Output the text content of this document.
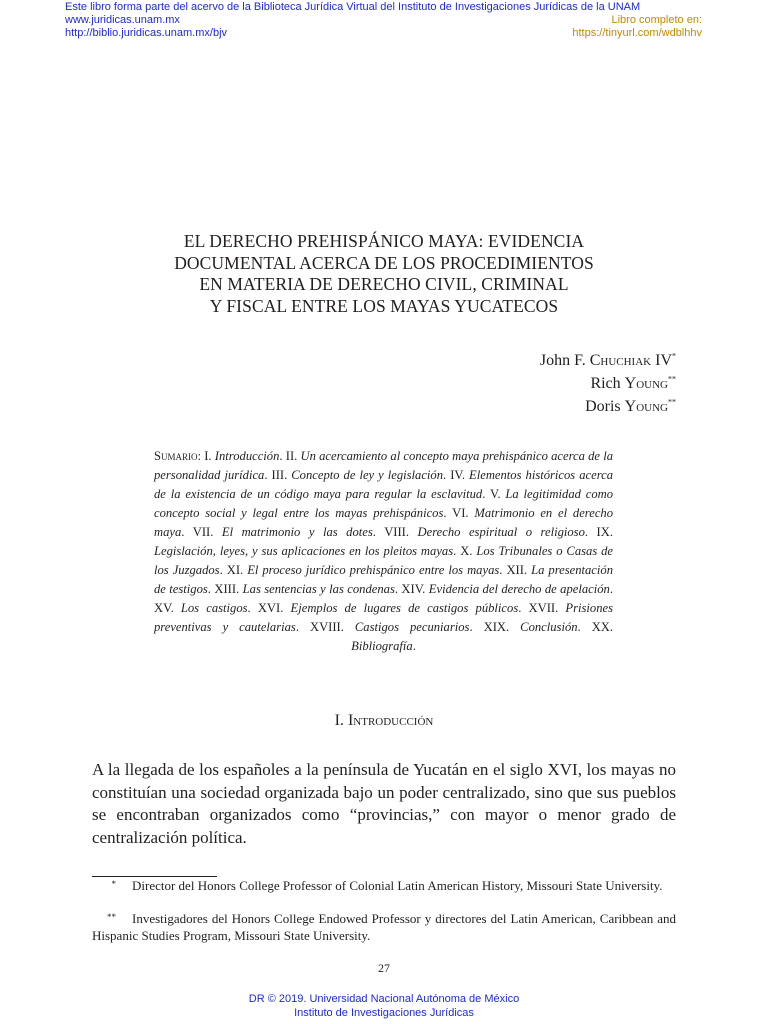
Este libro forma parte del acervo de la Biblioteca Jurídica Virtual del Instituto de Investigaciones Jurídicas de la UNAM
www.juridicas.unam.mx	Libro completo en:
http://biblio.juridicas.unam.mx/bjv	https://tinyurl.com/wdblhhv
EL DERECHO PREHISPÁNICO MAYA: EVIDENCIA
DOCUMENTAL ACERCA DE LOS PROCEDIMIENTOS
EN MATERIA DE DERECHO CIVIL, CRIMINAL
Y FISCAL ENTRE LOS MAYAS YUCATECOS
John F. Chuchiak IV*
Rich Young**
Doris Young**
Sumario: I. Introducción. II. Un acercamiento al concepto maya prehispánico acerca de la personalidad jurídica. III. Concepto de ley y legislación. IV. Elementos históricos acerca de la existencia de un código maya para regular la esclavitud. V. La legitimidad como concepto social y legal entre los mayas prehispánicos. VI. Matrimonio en el derecho maya. VII. El matrimonio y las dotes. VIII. Derecho espiritual o religioso. IX. Legislación, leyes, y sus aplicaciones en los pleitos mayas. X. Los Tribunales o Casas de los Juzgados. XI. El proceso jurídico prehispánico entre los mayas. XII. La presentación de testigos. XIII. Las sentencias y las condenas. XIV. Evidencia del derecho de apelación. XV. Los castigos. XVI. Ejemplos de lugares de castigos públicos. XVII. Prisiones preventivas y cautelarias. XVIII. Castigos pecuniarios. XIX. Conclusión. XX. Bibliografía.
I. Introducción
A la llegada de los españoles a la península de Yucatán en el siglo XVI, los mayas no constituían una sociedad organizada bajo un poder centralizado, sino que sus pueblos se encontraban organizados como “provincias,” con mayor o menor grado de centralización política.
* Director del Honors College Professor of Colonial Latin American History, Missouri State University.
** Investigadores del Honors College Endowed Professor y directores del Latin American, Caribbean and Hispanic Studies Program, Missouri State University.
27
DR © 2019. Universidad Nacional Autónoma de México
Instituto de Investigaciones Jurídicas
